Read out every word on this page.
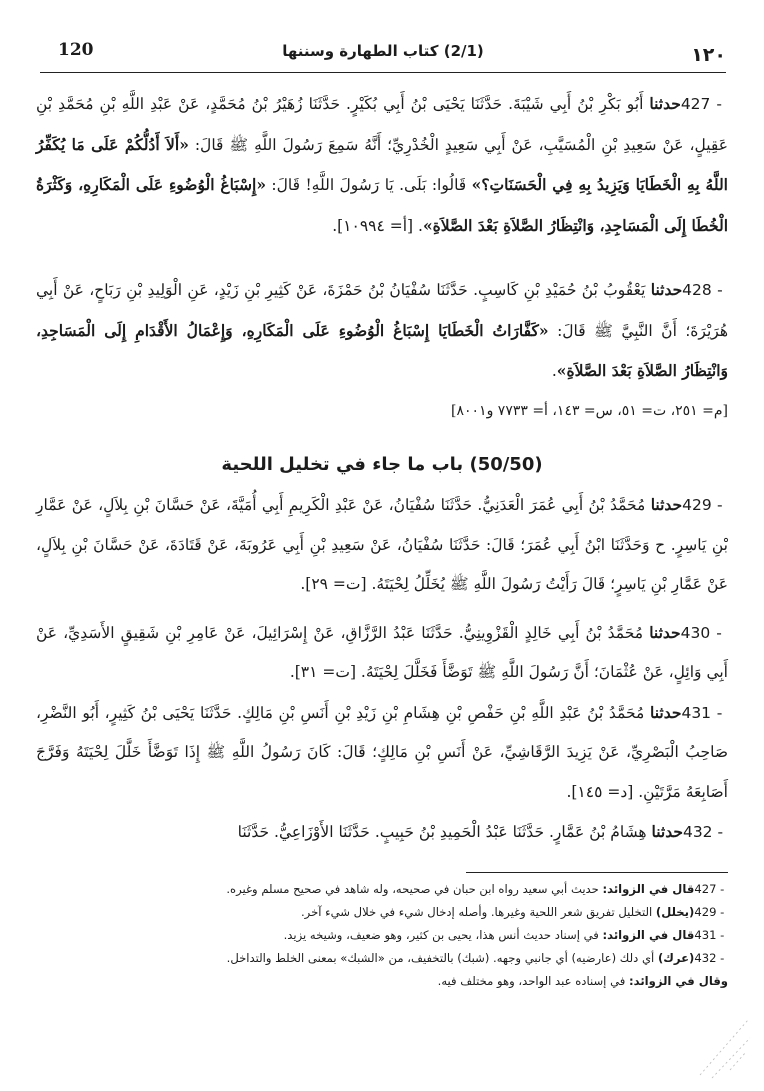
120	(2/1) كتاب الطهارة وسننها	١٢٠

427 - حدثنا أَبُو بَكْرِ بْنُ أَبِي شَيْبَةَ. حَدَّثَنَا يَحْيَى بْنُ أَبِي بُكَيْرٍ. حَدَّثَنَا زُهَيْرُ بْنُ مُحَمَّدٍ، عَنْ عَبْدِ اللَّهِ بْنِ مُحَمَّدِ بْنِ عَقِيلٍ، عَنْ سَعِيدِ بْنِ الْمُسَيَّبِ، عَنْ أَبِي سَعِيدٍ الْخُدْرِيِّ؛ أَنَّهُ سَمِعَ رَسُولَ اللَّهِ ﷺ قَالَ: «أَلاَ أَدُلُّكُمْ عَلَى مَا يُكَفِّرُ اللَّهُ بِهِ الْخَطَايَا وَيَزِيدُ بِهِ فِي الْحَسَنَاتِ؟» قَالُوا: بَلَى. يَا رَسُولَ اللَّهِ! قَالَ: «إِسْبَاغُ الْوُضُوءِ عَلَى الْمَكَارِهِ، وَكَثْرَةُ الْخُطَا إِلَى الْمَسَاجِدِ، وَانْتِظَارُ الصَّلاَةِ بَعْدَ الصَّلاَةِ». [أ= ١٠٩٩٤].

428 - حدثنا يَعْقُوبُ بْنُ حُمَيْدِ بْنِ كَاسِبٍ. حَدَّثَنَا سُفْيَانُ بْنُ حَمْزَةَ، عَنْ كَثِيرِ بْنِ زَيْدٍ، عَنِ الْوَلِيدِ بْنِ رَبَاحٍ، عَنْ أَبِي هُرَيْرَةَ؛ أَنَّ النَّبِيَّ ﷺ قَالَ: «كَفَّارَاتُ الْخَطَايَا إِسْبَاغُ الْوُضُوءِ عَلَى الْمَكَارِهِ، وَإِعْمَالُ الأَقْدَامِ إِلَى الْمَسَاجِدِ، وَانْتِظَارُ الصَّلاَةِ بَعْدَ الصَّلاَةِ».

[م= ٢٥١، ت= ٥١، س= ١٤٣، أ= ٧٧٣٣ و٨٠٠١]

(50/50) باب ما جاء في تخليل اللحية

429 - حدثنا مُحَمَّدُ بْنُ أَبِي عُمَرَ الْعَدَنِيُّ. حَدَّثَنَا سُفْيَانُ، عَنْ عَبْدِ الْكَرِيمِ أَبِي أُمَيَّةَ، عَنْ حَسَّانَ بْنِ بِلاَلٍ، عَنْ عَمَّارِ بْنِ يَاسِرٍ. ح وَحَدَّثَنَا ابْنُ أَبِي عُمَرَ؛ قَالَ: حَدَّثَنَا سُفْيَانُ، عَنْ سَعِيدِ بْنِ أَبِي عَرُوبَةَ، عَنْ قَتَادَةَ، عَنْ حَسَّانَ بْنِ بِلاَلٍ، عَنْ عَمَّارِ بْنِ يَاسِرٍ؛ قَالَ رَأَيْتُ رَسُولَ اللَّهِ ﷺ يُخَلِّلُ لِحْيَتَهُ. [ت= ٢٩].

430 - حدثنا مُحَمَّدُ بْنُ أَبِي خَالِدٍ الْقَزْوِينِيُّ. حَدَّثَنَا عَبْدُ الرَّزَّاقِ، عَنْ إِسْرَائِيلَ، عَنْ عَامِرِ بْنِ شَقِيقٍ الأَسَدِيِّ، عَنْ أَبِي وَائِلٍ، عَنْ عُثْمَانَ؛ أَنَّ رَسُولَ اللَّهِ ﷺ تَوَضَّأَ فَخَلَّلَ لِحْيَتَهُ. [ت= ٣١].

431 - حدثنا مُحَمَّدُ بْنُ عَبْدِ اللَّهِ بْنِ حَفْصِ بْنِ هِشَامِ بْنِ زَيْدِ بْنِ أَنَسِ بْنِ مَالِكٍ. حَدَّثَنَا يَحْيَى بْنُ كَثِيرٍ، أَبُو النَّضْرِ، صَاحِبُ الْبَصْرِيِّ، عَنْ يَزِيدَ الرَّقَاشِيِّ، عَنْ أَنَسِ بْنِ مَالِكٍ؛ قَالَ: كَانَ رَسُولُ اللَّهِ ﷺ إِذَا تَوَضَّأَ خَلَّلَ لِحْيَتَهُ وَفَرَّجَ أَصَابِعَهُ مَرَّتَيْنِ. [د= ١٤٥].

432 - حدثنا هِشَامُ بْنُ عَمَّارٍ. حَدَّثَنَا عَبْدُ الْحَمِيدِ بْنُ حَبِيبٍ. حَدَّثَنَا الأَوْزَاعِيُّ. حَدَّثَنَا

427 - قال في الزوائد: حديث أبي سعيد رواه ابن حبان في صحيحه، وله شاهد في صحيح مسلم وغيره.

429 - (يخلل) التخليل تفريق شعر اللحية وغيرها. وأصله إدخال شيء في خلال شيء آخر.

431 - قال في الزوائد: في إسناد حديث أنس هذا، يحيى بن كثير، وهو ضعيف، وشيخه يزيد.

432 - (عرك) أي دلك (عارضيه) أي جانبي وجهه. (شبك) بالتخفيف، من «الشبك» بمعنى الخلط والتداخل.

وقال في الزوائد: في إسناده عبد الواحد، وهو مختلف فيه.
